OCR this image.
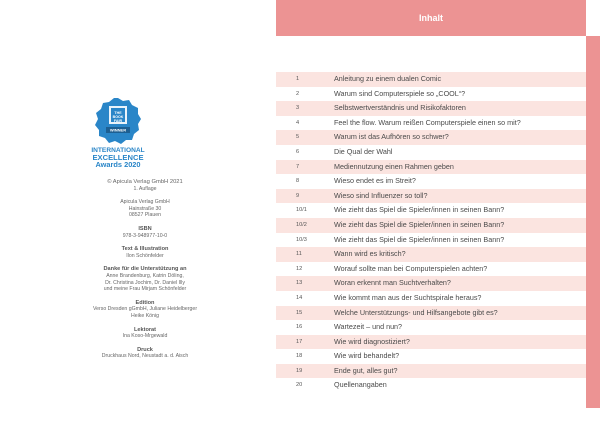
THE
BOOK
FAIR
WINNER
INTERNATIONAL
EXCELLENCE
Awards 2020
© Apicula Verlag GmbH 2021
1. Auflage
Apicula Verlag GmbH
Hainstraße 30
08527 Plauen
ISBN
978-3-948977-10-0
Text & Illustration
Ilon Schönfelder
Danke für die Unterstützung an
Anne Brandenburg, Katrin Döling,
Dr. Christina Jochim, Dr. Daniel Illy
und meine Frau Mirjam Schönfelder
Edition
Verso Dresden gGmbH, Juliane Heidelberger
Heike König
Lektorat
Ina Koso-Mrgewald
Druck
Druckhaus Nord, Neustadt a. d. Aisch
Inhalt
1	Anleitung zu einem dualen Comic
2	Warum sind Computerspiele so „COOL“?
3	Selbstwertverständnis und Risikofaktoren
4	Feel the flow. Warum reißen Computerspiele einen so mit?
5	Warum ist das Aufhören so schwer?
6	Die Qual der Wahl
7	Mediennutzung einen Rahmen geben
8	Wieso endet es im Streit?
9	Wieso sind Influenzer so toll?
10/1	Wie zieht das Spiel die Spieler/innen in seinen Bann?
10/2	Wie zieht das Spiel die Spieler/innen in seinen Bann?
10/3	Wie zieht das Spiel die Spieler/innen in seinen Bann?
11	Wann wird es kritisch?
12	Worauf sollte man bei Computerspielen achten?
13	Woran erkennt man Suchtverhalten?
14	Wie kommt man aus der Suchtspirale heraus?
15	Welche Unterstützungs- und Hilfsangebote gibt es?
16	Wartezeit – und nun?
17	Wie wird diagnostiziert?
18	Wie wird behandelt?
19	Ende gut, alles gut?
20	Quellenangaben
